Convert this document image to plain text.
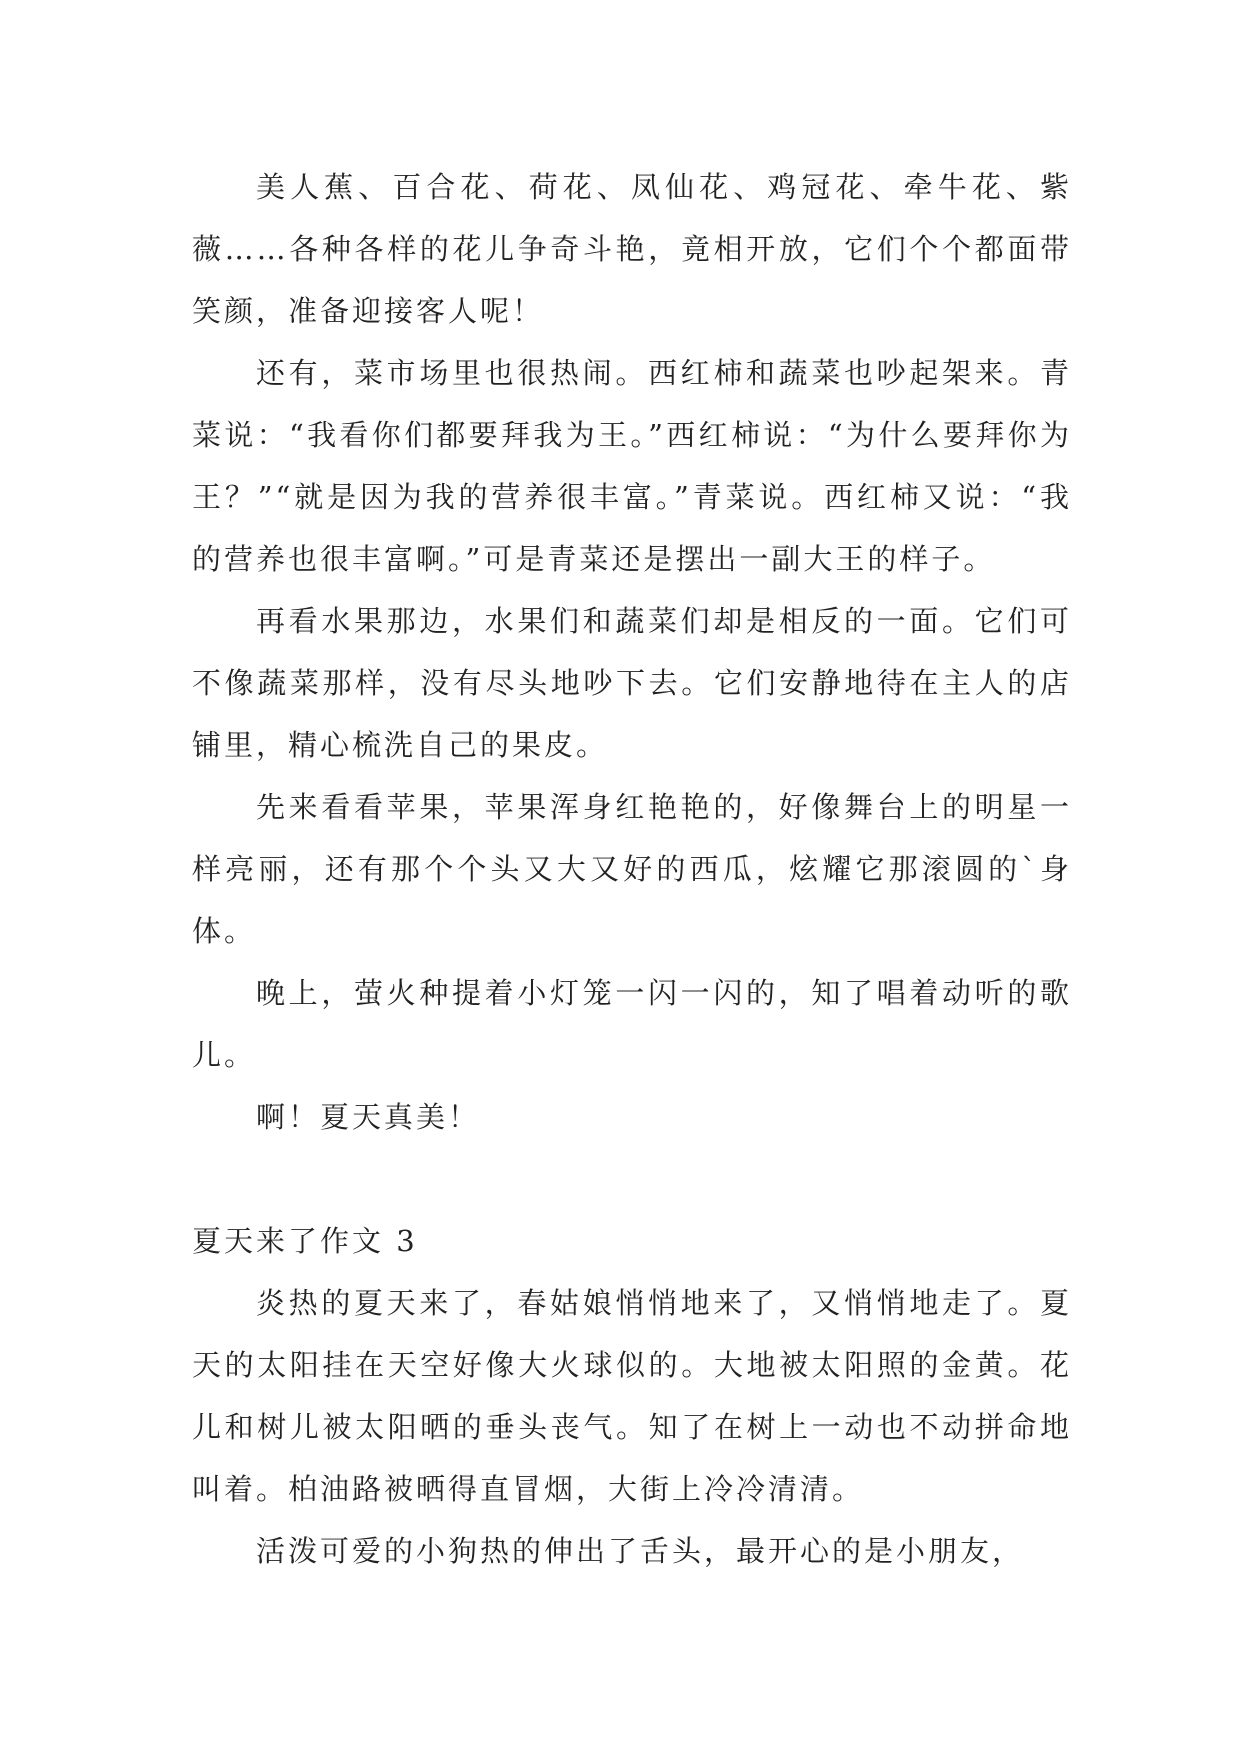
美人蕉、百合花、荷花、凤仙花、鸡冠花、牵牛花、紫薇……各种各样的花儿争奇斗艳，竟相开放，它们个个都面带笑颜，准备迎接客人呢！

还有，菜市场里也很热闹。西红柿和蔬菜也吵起架来。青菜说：“我看你们都要拜我为王。”西红柿说：“为什么要拜你为王？”“就是因为我的营养很丰富。”青菜说。西红柿又说：“我的营养也很丰富啊。”可是青菜还是摆出一副大王的样子。

再看水果那边，水果们和蔬菜们却是相反的一面。它们可不像蔬菜那样，没有尽头地吵下去。它们安静地待在主人的店铺里，精心梳洗自己的果皮。

先来看看苹果，苹果浑身红艳艳的，好像舞台上的明星一样亮丽，还有那个个头又大又好的西瓜，炫耀它那滚圆的`身体。

晚上，萤火种提着小灯笼一闪一闪的，知了唱着动听的歌儿。

啊！夏天真美！

夏天来了作文 3

炎热的夏天来了，春姑娘悄悄地来了，又悄悄地走了。夏天的太阳挂在天空好像大火球似的。大地被太阳照的金黄。花儿和树儿被太阳晒的垂头丧气。知了在树上一动也不动拼命地叫着。柏油路被晒得直冒烟，大街上冷冷清清。

活泼可爱的小狗热的伸出了舌头，最开心的是小朋友，
